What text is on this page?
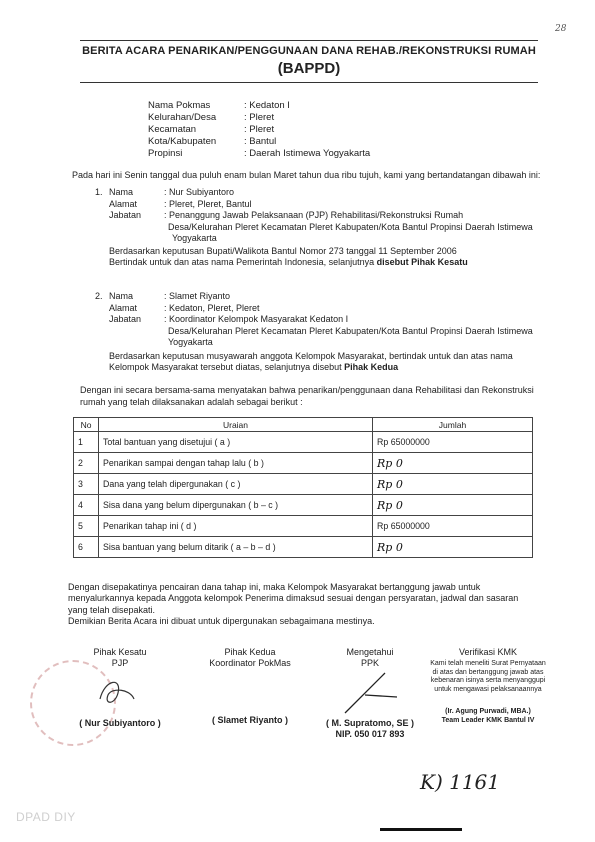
28
BERITA ACARA PENARIKAN/PENGGUNAAN DANA REHAB./REKONSTRUKSI RUMAH
(BAPPD)
Nama Pokmas	: Kedaton I
Kelurahan/Desa	: Pleret
Kecamatan	: Pleret
Kota/Kabupaten	: Bantul
Propinsi	: Daerah Istimewa Yogyakarta
Pada hari ini Senin tanggal dua puluh enam bulan Maret tahun dua ribu tujuh, kami yang bertandatangan dibawah ini:
1. Nama	: Nur Subiyantoro
Alamat	: Pleret, Pleret, Bantul
Jabatan	: Penanggung Jawab Pelaksanaan (PJP) Rehabilitasi/Rekonstruksi Rumah
Desa/Kelurahan Pleret Kecamatan Pleret Kabupaten/Kota Bantul Propinsi Daerah Istimewa
Yogyakarta
Berdasarkan keputusan Bupati/Walikota Bantul Nomor 273 tanggal 11 September 2006
Bertindak untuk dan atas nama Pemerintah Indonesia, selanjutnya disebut Pihak Kesatu
2. Nama	: Slamet Riyanto
Alamat	: Kedaton, Pleret, Pleret
Jabatan	: Koordinator Kelompok Masyarakat Kedaton I
Desa/Kelurahan Pleret Kecamatan Pleret Kabupaten/Kota Bantul Propinsi Daerah Istimewa
Yogyakarta
Berdasarkan keputusan musyawarah anggota Kelompok Masyarakat, bertindak untuk dan atas nama
Kelompok Masyarakat tersebut diatas, selanjutnya disebut Pihak Kedua
Dengan ini secara bersama-sama menyatakan bahwa penarikan/penggunaan dana Rehabilitasi dan Rekonstruksi rumah yang telah dilaksanakan adalah sebagai berikut :
No	Uraian	Jumlah
1	Total bantuan yang disetujui ( a )	Rp 65000000
2	Penarikan sampai dengan tahap lalu ( b )	Rp 0
3	Dana yang telah dipergunakan ( c )	Rp 0
4	Sisa dana yang belum dipergunakan ( b – c )	Rp 0
5	Penarikan tahap ini ( d )	Rp 65000000
6	Sisa bantuan yang belum ditarik ( a – b – d )	Rp 0
Dengan disepakatinya pencairan dana tahap ini, maka Kelompok Masyarakat bertanggung jawab untuk menyalurkannya kepada Anggota kelompok Penerima dimaksud sesuai dengan persyaratan, jadwal dan sasaran yang telah disepakati.
Demikian Berita Acara ini dibuat untuk dipergunakan sebagaimana mestinya.
Pihak Kesatu
PJP
( Nur Subiyantoro )
Pihak Kedua
Koordinator PokMas
( Slamet Riyanto )
Mengetahui
PPK
( M. Supratomo, SE )
NIP. 050 017 893
Verifikasi KMK
Kami telah meneliti Surat Pernyataan di atas dan bertanggung jawab atas kebenaran isinya serta menyanggupi untuk mengawasi pelaksanaannya
(Ir. Agung Purwadi, MBA.)
Team Leader KMK Bantul IV
K) 1161
DPAD DIY
